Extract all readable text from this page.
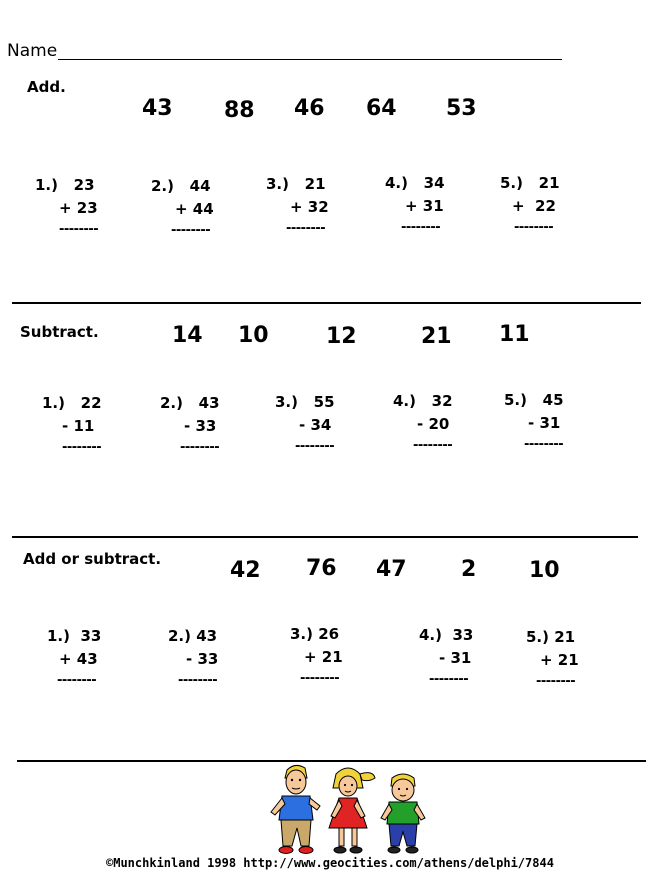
Name
Add.
43 88 46 64 53
1.) 23
+ 23
--------
2.) 44
+ 44
--------
3.) 21
+ 32
--------
4.) 34
+ 31
--------
5.) 21
+  22
--------
Subtract.	14 10	12	21 11
1.) 22
- 11
--------
2.) 43
- 33
--------
3.) 55
- 34
--------
4.) 32
- 20
--------
5.) 45
- 31
--------
Add or subtract.	42 76 47 2 10
1.) 33
+ 43
--------
2.) 43
- 33
--------
3.) 26
+ 21
--------
4.) 33
- 31
--------
5.) 21
+ 21
--------
©Munchkinland 1998 http://www.geocities.com/athens/delphi/7844
